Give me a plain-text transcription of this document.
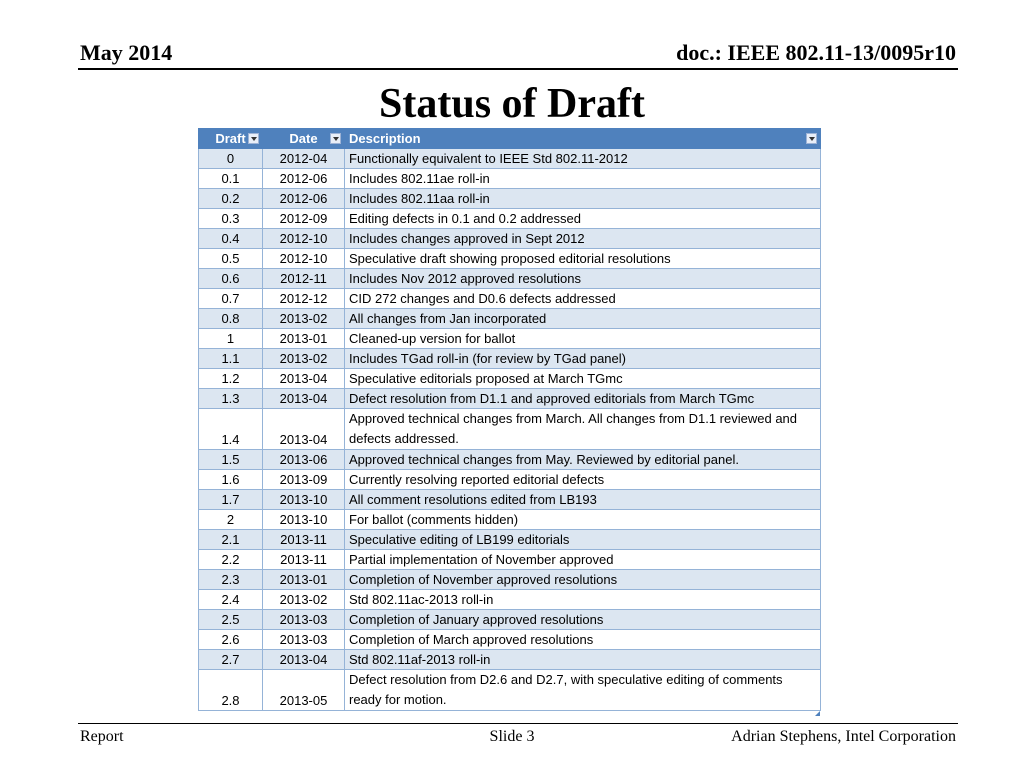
May 2014	doc.: IEEE 802.11-13/0095r10
Status of Draft
Draft	Date	Description

0	2012-04	Functionally equivalent to IEEE Std 802.11-2012
0.1	2012-06	Includes 802.11ae roll-in
0.2	2012-06	Includes 802.11aa roll-in
0.3	2012-09	Editing defects in 0.1 and 0.2 addressed
0.4	2012-10	Includes changes approved in Sept 2012
0.5	2012-10	Speculative draft showing proposed editorial resolutions
0.6	2012-11	Includes Nov 2012 approved resolutions
0.7	2012-12	CID 272 changes and D0.6 defects addressed
0.8	2013-02	All changes from Jan incorporated
1	2013-01	Cleaned-up version for ballot
1.1	2013-02	Includes TGad roll-in (for review by TGad panel)
1.2	2013-04	Speculative editorials proposed at March TGmc
1.3	2013-04	Defect resolution from D1.1 and approved editorials from March TGmc
1.4	2013-04	Approved technical changes from March. All changes from D1.1 reviewed and defects addressed.
1.5	2013-06	Approved technical changes from May. Reviewed by editorial panel.
1.6	2013-09	Currently resolving reported editorial defects
1.7	2013-10	All comment resolutions edited from LB193
2	2013-10	For ballot (comments hidden)
2.1	2013-11	Speculative editing of LB199 editorials
2.2	2013-11	Partial implementation of November approved
2.3	2013-01	Completion of November approved resolutions
2.4	2013-02	Std 802.11ac-2013 roll-in
2.5	2013-03	Completion of January approved resolutions
2.6	2013-03	Completion of March approved resolutions
2.7	2013-04	Std 802.11af-2013 roll-in
2.8	2013-05	Defect resolution from D2.6 and D2.7, with speculative editing of comments ready for motion.
Report	Slide 3	Adrian Stephens, Intel Corporation
